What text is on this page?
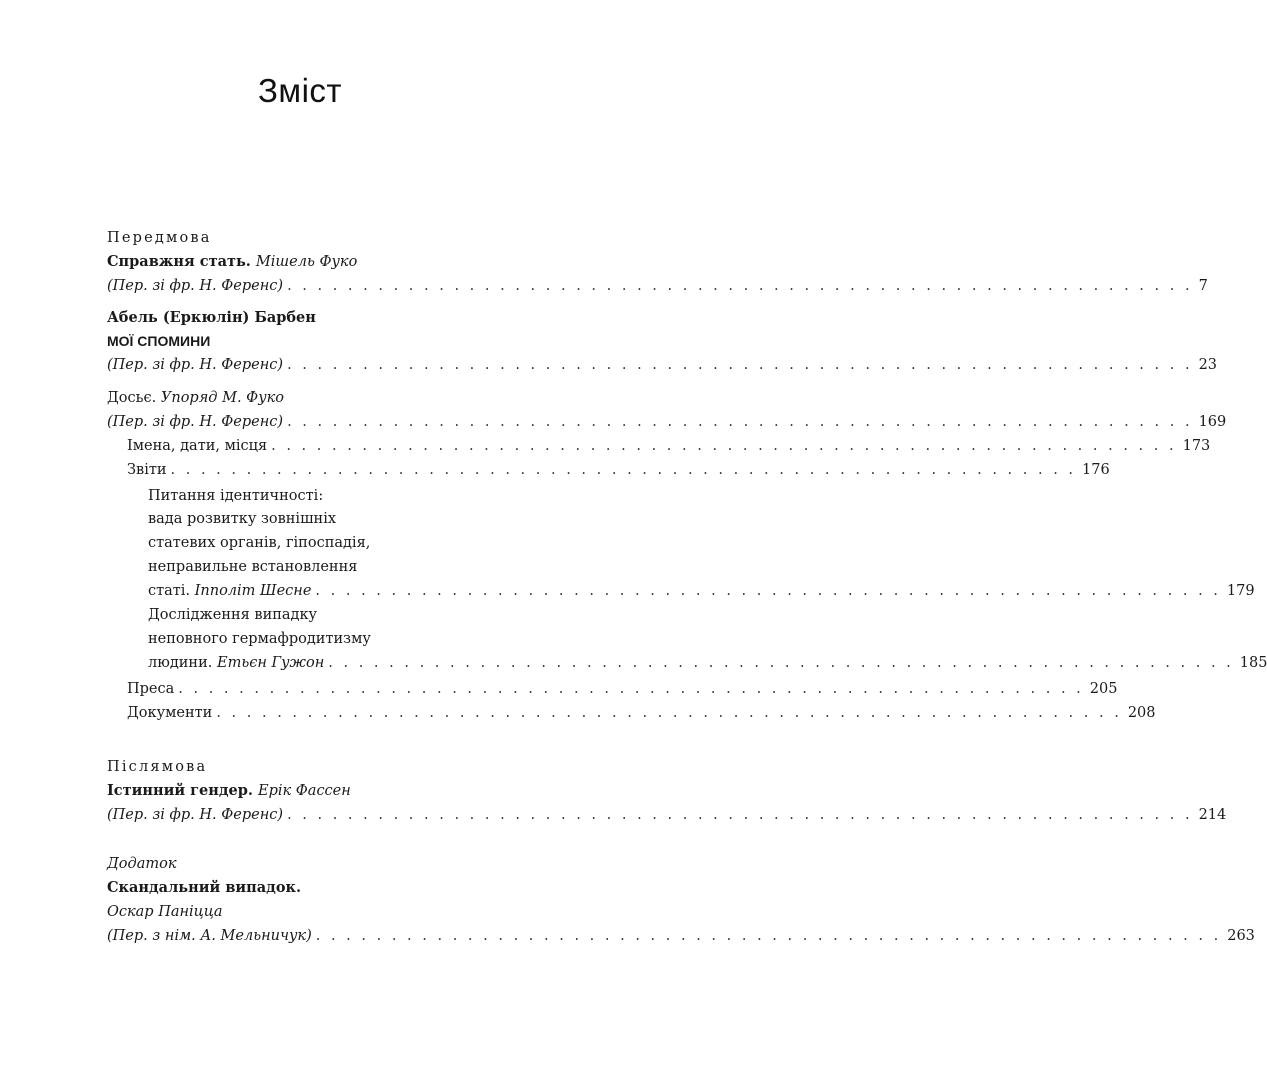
Зміст
Передмова
Справжня стать. Мішель Фуко
(Пер. зі фр. Н. Ференс) . . . . . . . . . . . . . . . . . . . . . . . . . . . . . . . . . . . . . . . . . . . . . . . . . . . . . . . . . . . . 7
Абель (Еркюлін) Барбен
МОЇ СПОМИНИ
(Пер. зі фр. Н. Ференс) . . . . . . . . . . . . . . . . . . . . . . . . . . . . . . . . . . . . . . . . . . . . . . . . . . . . . . . . . . . . 23
Досьє. Упоряд М. Фуко
(Пер. зі фр. Н. Ференс) . . . . . . . . . . . . . . . . . . . . . . . . . . . . . . . . . . . . . . . . . . . . . . . . . . . . . . . . . . . . 169
Імена, дати, місця . . . . . . . . . . . . . . . . . . . . . . . . . . . . . . . . . . . . . . . . . . . . . . . . . . . . . . . . . . . . 173
Звіти . . . . . . . . . . . . . . . . . . . . . . . . . . . . . . . . . . . . . . . . . . . . . . . . . . . . . . . . . . . . 176
Питання ідентичності:
вада розвитку зовнішніх
статевих органів, гіпоспадія,
неправильне встановлення
статі. Іпполіт Шеснe . . . . . . . . . . . . . . . . . . . . . . . . . . . . . . . . . . . . . . . . . . . . . . . . . . . . . . . . . . . . 179
Дослідження випадку
неповного гермафродитизму
людини. Етьєн Гужон . . . . . . . . . . . . . . . . . . . . . . . . . . . . . . . . . . . . . . . . . . . . . . . . . . . . . . . . . . . . 185
Преса . . . . . . . . . . . . . . . . . . . . . . . . . . . . . . . . . . . . . . . . . . . . . . . . . . . . . . . . . . . . 205
Документи . . . . . . . . . . . . . . . . . . . . . . . . . . . . . . . . . . . . . . . . . . . . . . . . . . . . . . . . . . . . 208
Післямова
Істинний гендер. Ерік Фассен
(Пер. зі фр. Н. Ференс) . . . . . . . . . . . . . . . . . . . . . . . . . . . . . . . . . . . . . . . . . . . . . . . . . . . . . . . . . . . . 214
Додаток
Скандальний випадок.
Оскар Паніцца
(Пер. з нім. А. Мельничук) . . . . . . . . . . . . . . . . . . . . . . . . . . . . . . . . . . . . . . . . . . . . . . . . . . . . . . . . . . . . 263
